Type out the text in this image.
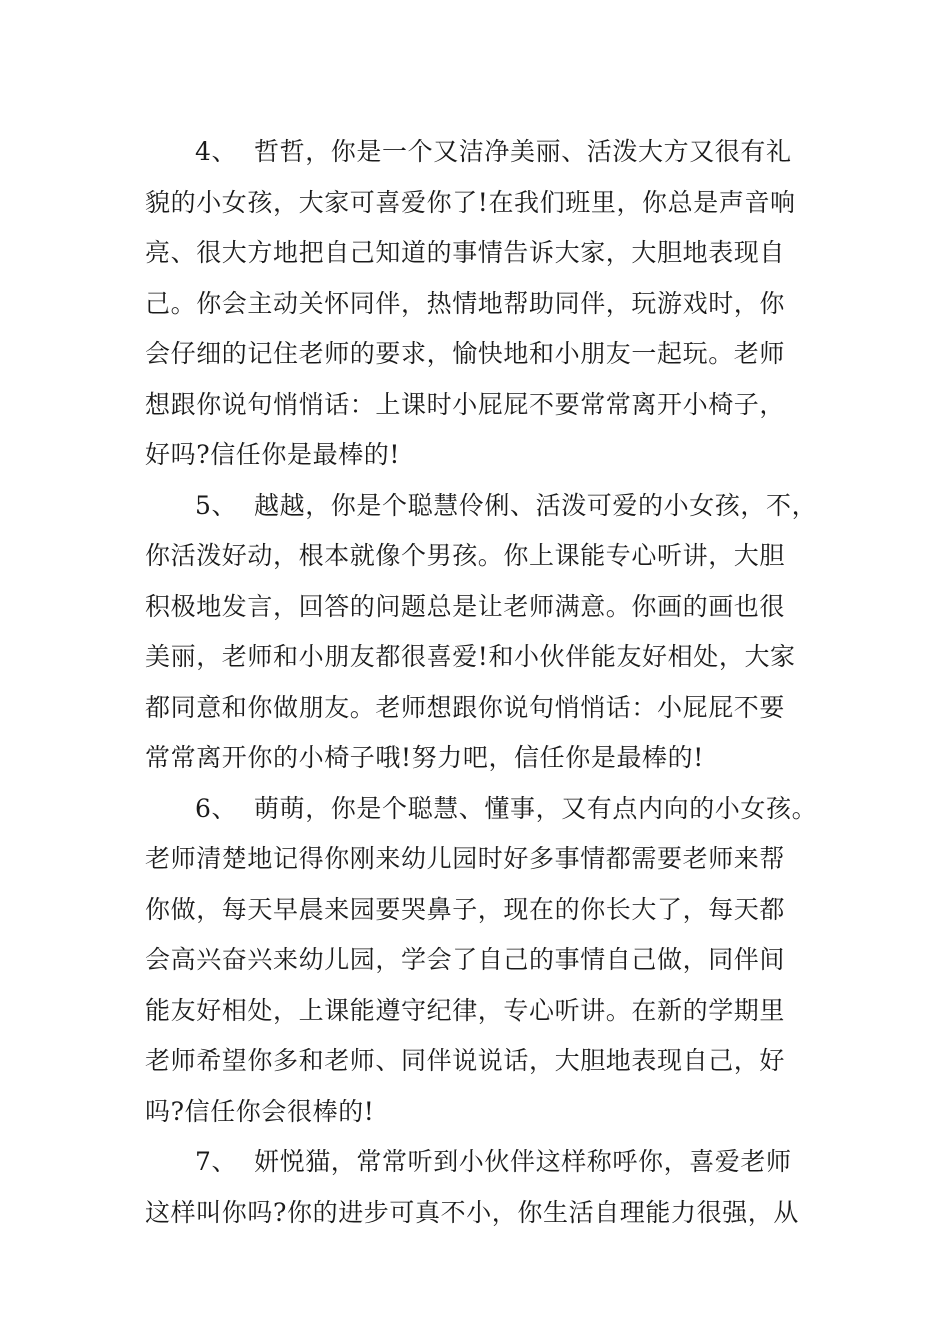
4、 哲哲，你是一个又洁净美丽、活泼大方又很有礼
貌的小女孩，大家可喜爱你了!在我们班里，你总是声音响
亮、很大方地把自己知道的事情告诉大家，大胆地表现自
己。你会主动关怀同伴，热情地帮助同伴，玩游戏时，你
会仔细的记住老师的要求，愉快地和小朋友一起玩。老师
想跟你说句悄悄话：上课时小屁屁不要常常离开小椅子，
好吗?信任你是最棒的!

5、 越越，你是个聪慧伶俐、活泼可爱的小女孩，不，
你活泼好动，根本就像个男孩。你上课能专心听讲，大胆
积极地发言，回答的问题总是让老师满意。你画的画也很
美丽，老师和小朋友都很喜爱!和小伙伴能友好相处，大家
都同意和你做朋友。老师想跟你说句悄悄话：小屁屁不要
常常离开你的小椅子哦!努力吧，信任你是最棒的!

6、 萌萌，你是个聪慧、懂事，又有点内向的小女孩。
老师清楚地记得你刚来幼儿园时好多事情都需要老师来帮
你做，每天早晨来园要哭鼻子，现在的你长大了，每天都
会高兴奋兴来幼儿园，学会了自己的事情自己做，同伴间
能友好相处，上课能遵守纪律，专心听讲。在新的学期里
老师希望你多和老师、同伴说说话，大胆地表现自己，好
吗?信任你会很棒的!

7、 妍悦猫，常常听到小伙伴这样称呼你，喜爱老师
这样叫你吗?你的进步可真不小，你生活自理能力很强，从
